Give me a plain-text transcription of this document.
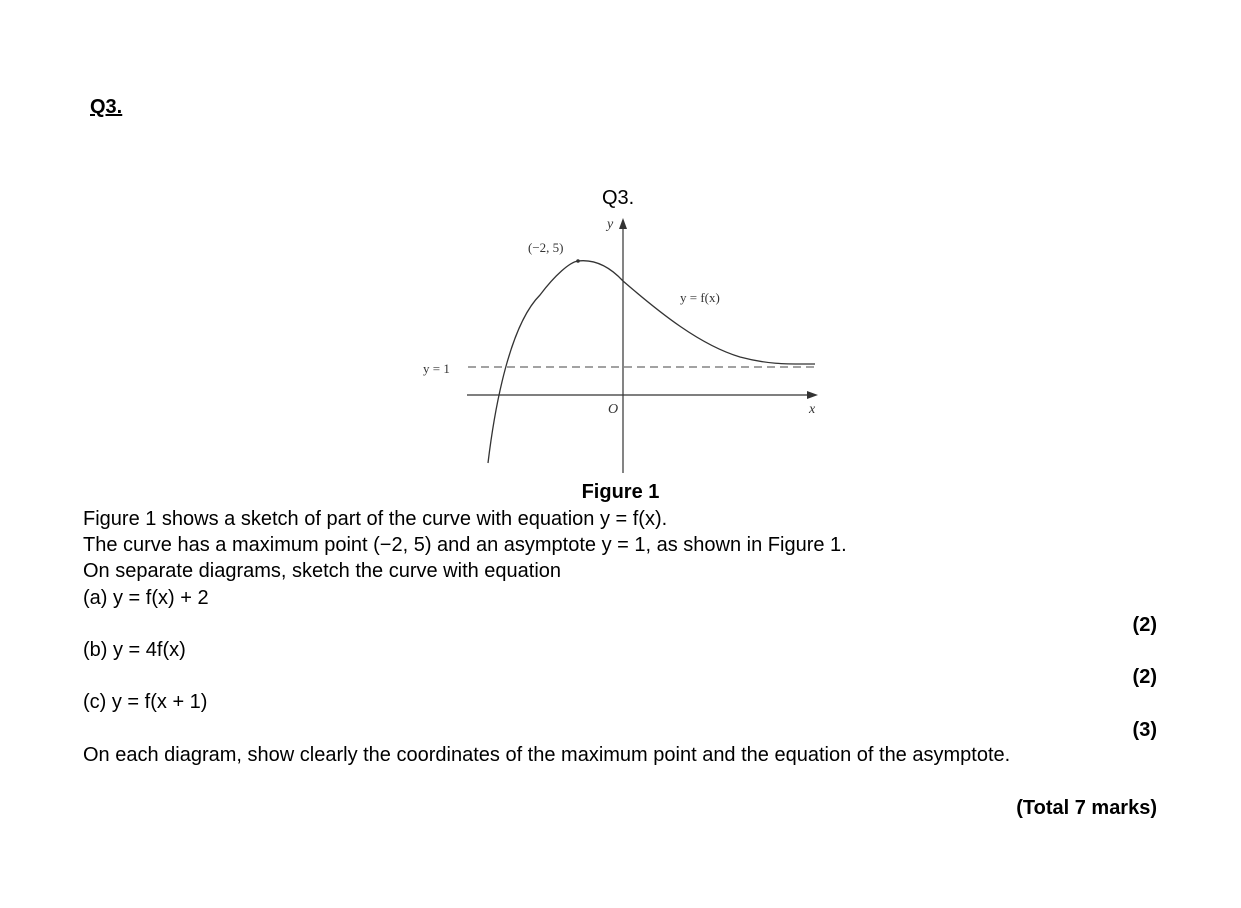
Q3.
Q3.
y
x
O
(−2, 5)
y = f(x)
y = 1
Figure 1
Figure 1 shows a sketch of part of the curve with equation y = f(x).
The curve has a maximum point (−2, 5) and an asymptote y = 1, as shown in Figure 1.
On separate diagrams, sketch the curve with equation
(a) y = f(x) + 2
(2)
(b) y = 4f(x)
(2)
(c) y = f(x + 1)
(3)
On each diagram, show clearly the coordinates of the maximum point and the equation of the asymptote.
(Total 7 marks)
